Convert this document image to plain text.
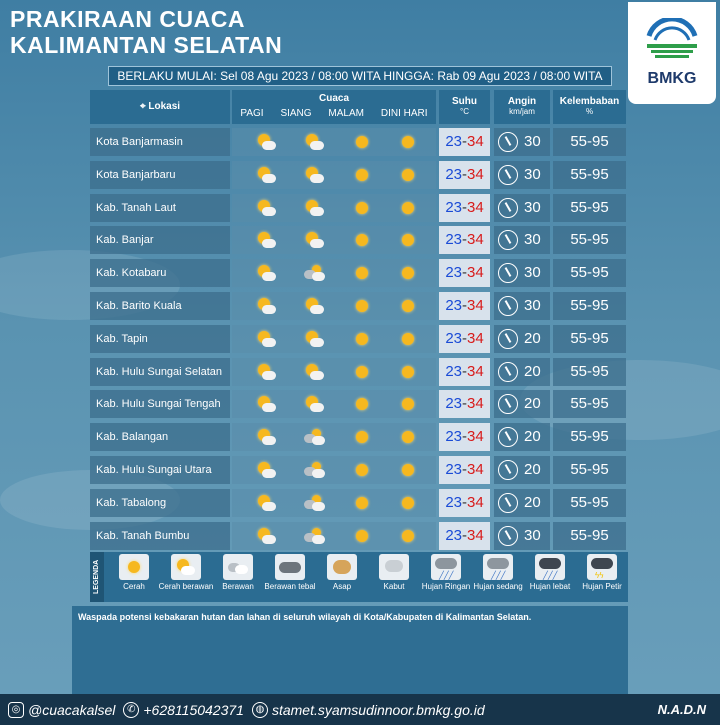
PRAKIRAAN CUACA
KALIMANTAN SELATAN
BMKG
BERLAKU MULAI: Sel 08 Agu 2023 / 08:00 WITA HINGGA: Rab 09 Agu 2023 / 08:00 WITA
⌖ Lokasi
Cuaca
PAGI SIANG MALAM DINI HARI
Suhu
°C
Angin
km/jam
Kelembaban
%
Kota Banjarmasin	23-34	30	55-95
Kota Banjarbaru	23-34	30	55-95
Kab. Tanah Laut	23-34	30	55-95
Kab. Banjar	23-34	30	55-95
Kab. Kotabaru	23-34	30	55-95
Kab. Barito Kuala	23-34	30	55-95
Kab. Tapin	23-34	20	55-95
Kab. Hulu Sungai Selatan	23-34	20	55-95
Kab. Hulu Sungai Tengah	23-34	20	55-95
Kab. Balangan	23-34	20	55-95
Kab. Hulu Sungai Utara	23-34	20	55-95
Kab. Tabalong	23-34	20	55-95
Kab. Tanah Bumbu	23-34	30	55-95
LEGENDA	Cerah	Cerah berawan	Berawan	Berawan tebal	Asap	Kabut
╱╱╱
Hujan Ringan
╱╱╱
Hujan sedang
╱╱╱
Hujan lebat
ϟϟ
Hujan Petir
Waspada potensi kebakaran hutan dan lahan di seluruh wilayah di Kota/Kabupaten di Kalimantan Selatan.
◎ @cuacakalsel	✆ +628115042371	◍ stamet.syamsudinnoor.bmkg.go.id	N.A.D.N
